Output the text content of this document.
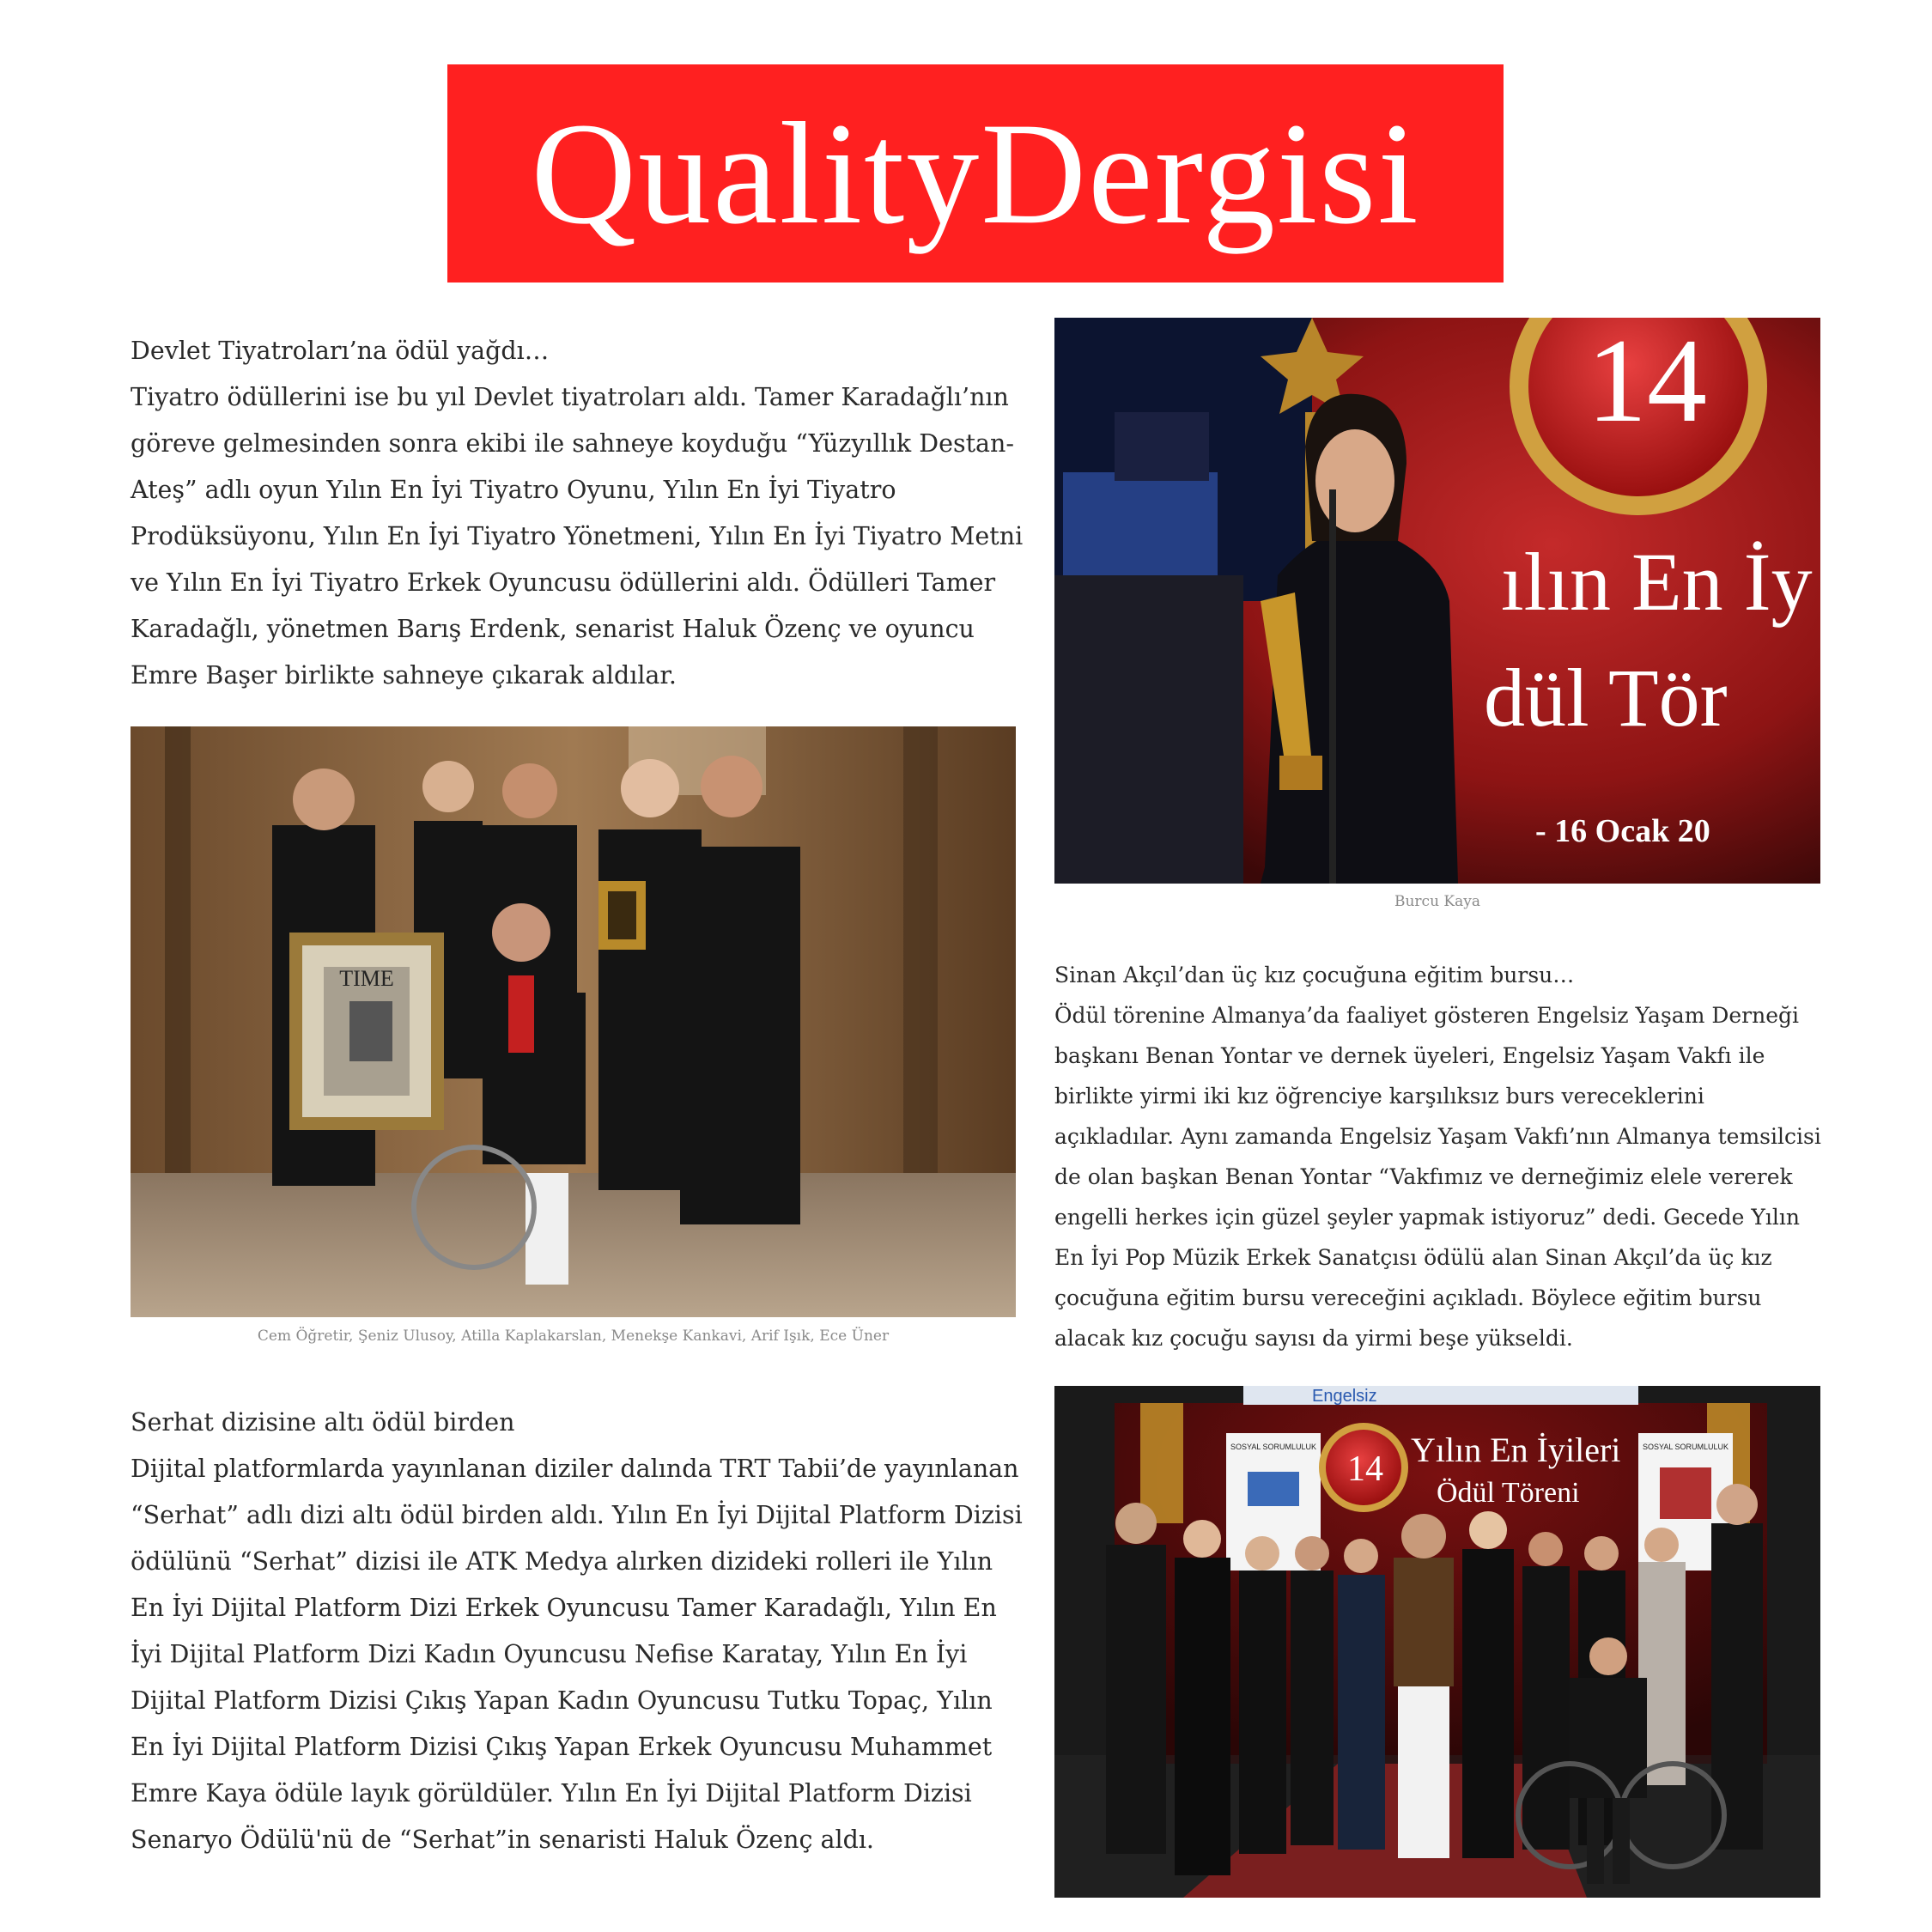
QualityDergisi

Devlet Tiyatroları’na ödül yağdı…
Tiyatro ödüllerini ise bu yıl Devlet tiyatroları aldı. Tamer Karadağlı’nın göreve gelmesinden sonra ekibi ile sahneye koyduğu “Yüzyıllık Destan-Ateş” adlı oyun Yılın En İyi Tiyatro Oyunu, Yılın En İyi Tiyatro Prodüksüyonu, Yılın En İyi Tiyatro Yönetmeni, Yılın En İyi Tiyatro Metni ve Yılın En İyi Tiyatro Erkek Oyuncusu ödüllerini aldı. Ödülleri Tamer Karadağlı, yönetmen Barış Erdenk, senarist Haluk Özenç ve oyuncu Emre Başer birlikte sahneye çıkarak aldılar.

TIME

Cem Öğretir, Şeniz Ulusoy, Atilla Kaplakarslan, Menekşe Kankavi, Arif Işık, Ece Üner

Serhat dizisine altı ödül birden
Dijital platformlarda yayınlanan diziler dalında TRT Tabii’de yayınlanan “Serhat” adlı dizi altı ödül birden aldı. Yılın En İyi Dijital Platform Dizisi ödülünü “Serhat” dizisi ile ATK Medya alırken dizideki rolleri ile Yılın En İyi Dijital Platform Dizi Erkek Oyuncusu Tamer Karadağlı, Yılın En İyi Dijital Platform Dizi Kadın Oyuncusu Nefise Karatay, Yılın En İyi Dijital Platform Dizisi Çıkış Yapan Kadın Oyuncusu Tutku Topaç, Yılın En İyi Dijital Platform Dizisi Çıkış Yapan Erkek Oyuncusu Muhammet Emre Kaya ödüle layık görüldüler. Yılın En İyi Dijital Platform Dizisi Senaryo Ödülü'nü de “Serhat”in senaristi Haluk Özenç aldı.

14
ılın En İy
dül Tör
- 16 Ocak 20

Burcu Kaya

Sinan Akçıl’dan üç kız çocuğuna eğitim bursu…
Ödül törenine Almanya’da faaliyet gösteren Engelsiz Yaşam Derneği başkanı Benan Yontar ve dernek üyeleri, Engelsiz Yaşam Vakfı ile birlikte yirmi iki kız öğrenciye karşılıksız burs vereceklerini açıkladılar. Aynı zamanda Engelsiz Yaşam Vakfı’nın Almanya temsilcisi de olan başkan Benan Yontar “Vakfımız ve derneğimiz elele vererek engelli herkes için güzel şeyler yapmak istiyoruz” dedi. Gecede Yılın En İyi Pop Müzik Erkek Sanatçısı ödülü alan Sinan Akçıl’da üç kız çocuğuna eğitim bursu vereceğini açıkladı. Böylece eğitim bursu alacak kız çocuğu sayısı da yirmi beşe yükseldi.

Engelsiz
SOSYAL SORUMLULUK	SOSYAL SORUMLULUK
14 Yılın En İyileri
Ödül Töreni
